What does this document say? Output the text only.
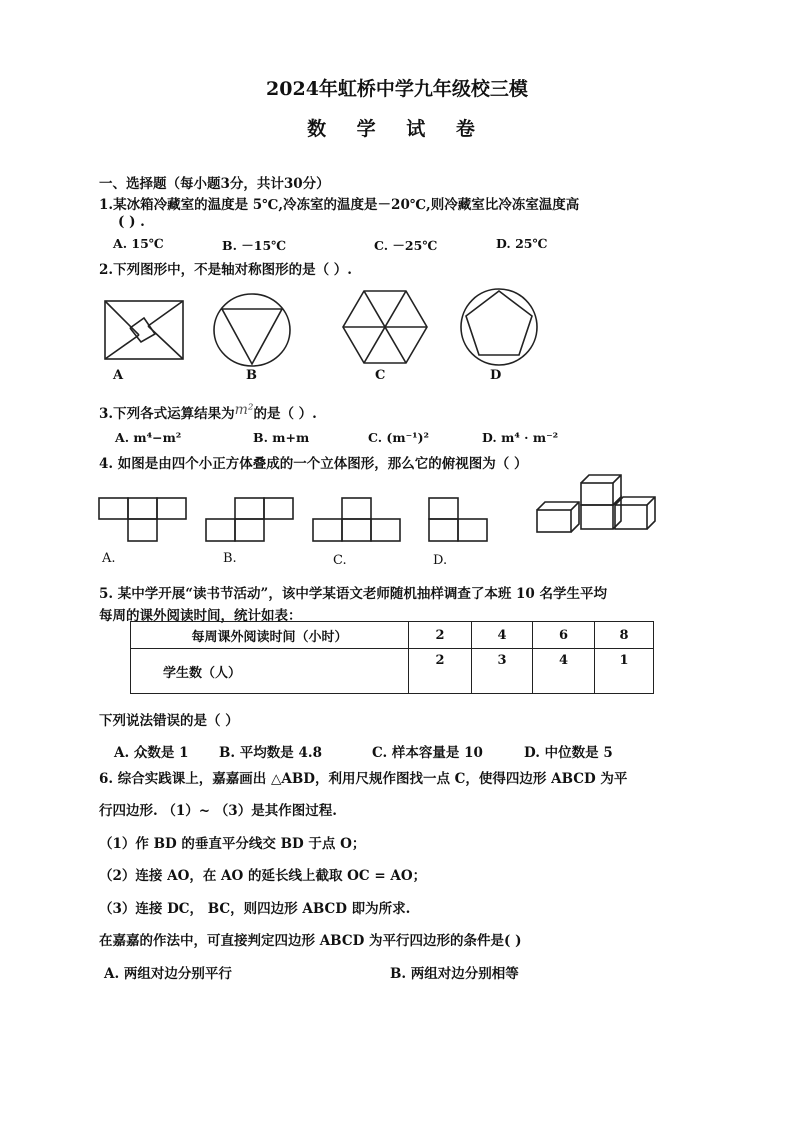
2024年虹桥中学九年级校三模
数 学 试 卷
一、选择题（每小题3分，共计30分）
1.某冰箱冷藏室的温度是 5℃,冷冻室的温度是－20℃,则冷藏室比冷冻室温度高
( ) .
A. 15℃	B. －15℃	C. －25℃	D. 25℃
2.下列图形中，不是轴对称图形的是（ ）.
A	B	C	D
3.下列各式运算结果为m²的是（ ）.
A. m⁴−m²	B. m+m	C. (m⁻¹)²	D. m⁴ · m⁻²
4. 如图是由四个小正方体叠成的一个立体图形，那么它的俯视图为（ ）
A.	B.	C.	D.
5. 某中学开展“读书节活动”，该中学某语文老师随机抽样调查了本班 10 名学生平均
每周的课外阅读时间，统计如表：
每周课外阅读时间（小时）	2	4	6	8
学生数（人）	2	3	4	1
下列说法错误的是（ ）
A. 众数是 1 B. 平均数是 4.8	C. 样本容量是 10	D. 中位数是 5
6. 综合实践课上，嘉嘉画出 △ABD，利用尺规作图找一点 C，使得四边形 ABCD 为平
行四边形. （1）~ （3）是其作图过程.
（1）作 BD 的垂直平分线交 BD 于点 O；
（2）连接 AO，在 AO 的延长线上截取 OC = AO；
（3）连接 DC， BC，则四边形 ABCD 即为所求.
在嘉嘉的作法中，可直接判定四边形 ABCD 为平行四边形的条件是( )
A. 两组对边分别平行	B. 两组对边分别相等
